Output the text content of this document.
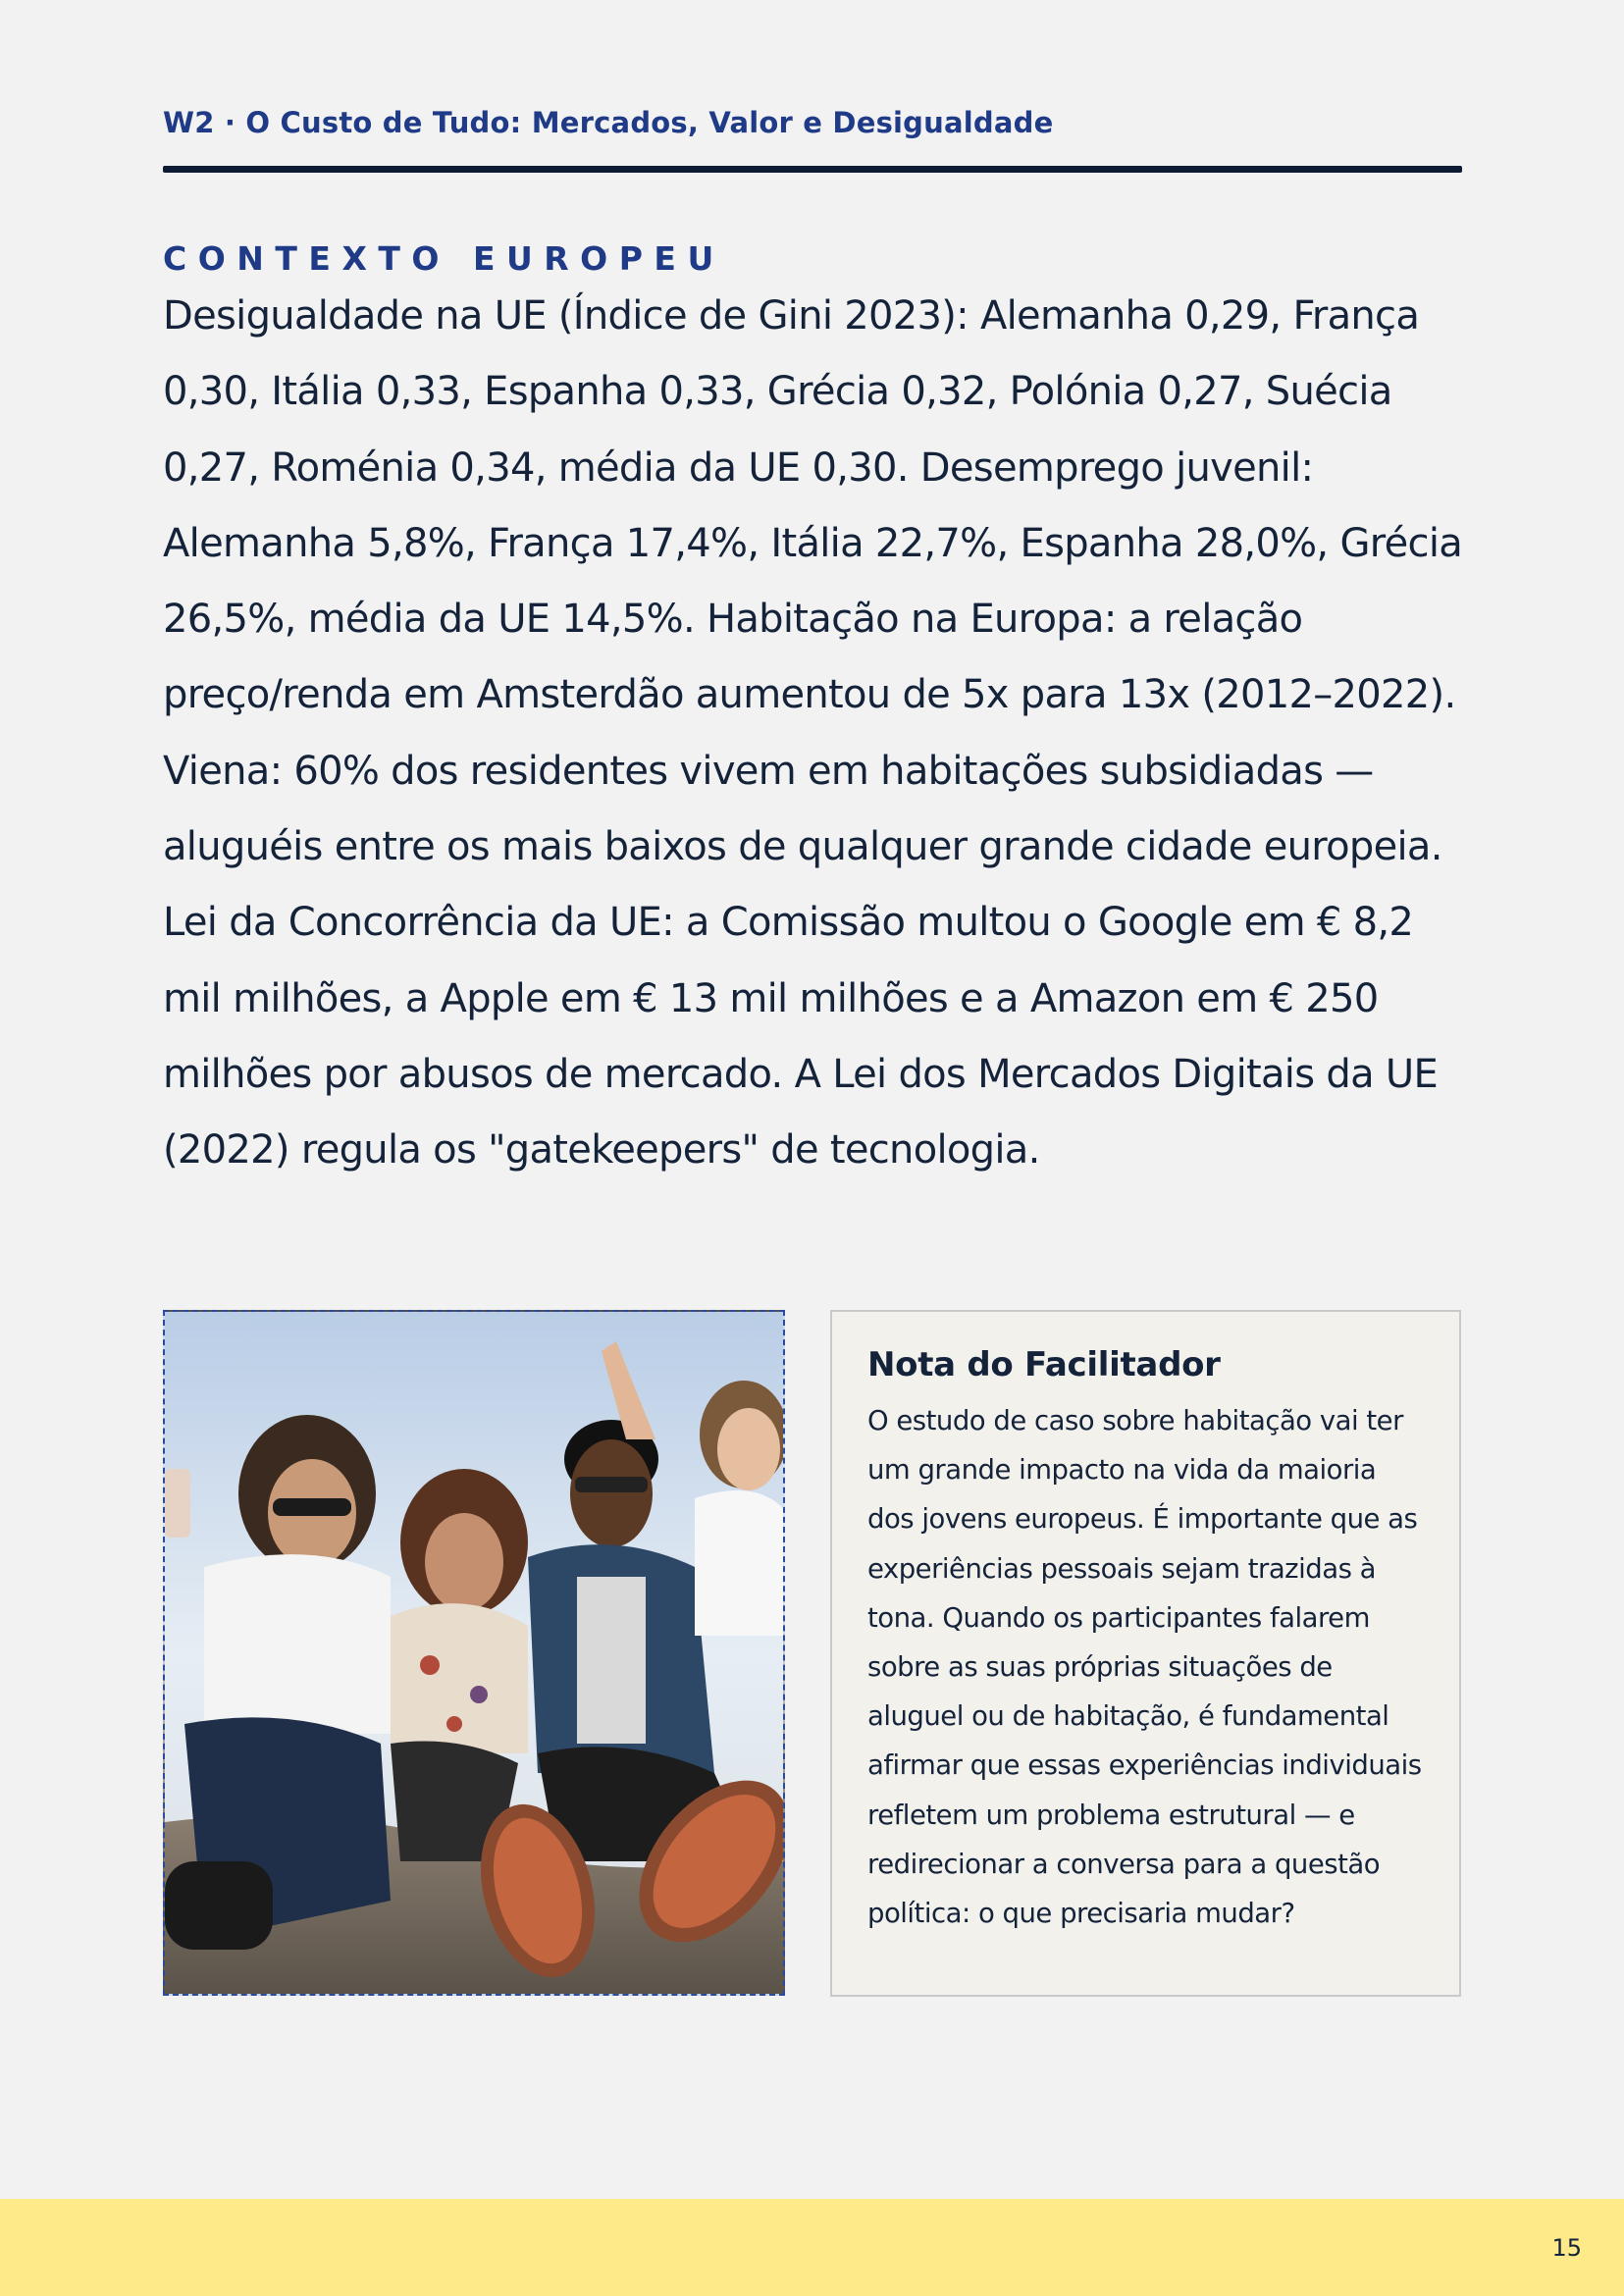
W2 · O Custo de Tudo: Mercados, Valor e Desigualdade
CONTEXTO EUROPEU

Desigualdade na UE (Índice de Gini 2023): Alemanha 0,29, França 0,30, Itália 0,33, Espanha 0,33, Grécia 0,32, Polónia 0,27, Suécia 0,27, Roménia 0,34, média da UE 0,30. Desemprego juvenil: Alemanha 5,8%, França 17,4%, Itália 22,7%, Espanha 28,0%, Grécia 26,5%, média da UE 14,5%. Habitação na Europa: a relação preço/renda em Amsterdão aumentou de 5x para 13x (2012–2022). Viena: 60% dos residentes vivem em habitações subsidiadas — aluguéis entre os mais baixos de qualquer grande cidade europeia. Lei da Concorrência da UE: a Comissão multou o Google em € 8,2 mil milhões, a Apple em € 13 mil milhões e a Amazon em € 250 milhões por abusos de mercado. A Lei dos Mercados Digitais da UE (2022) regula os "gatekeepers" de tecnologia.

Nota do Facilitador

O estudo de caso sobre habitação vai ter um grande impacto na vida da maioria dos jovens europeus. É importante que as experiências pessoais sejam trazidas à tona. Quando os participantes falarem sobre as suas próprias situações de aluguel ou de habitação, é fundamental afirmar que essas experiências individuais refletem um problema estrutural — e redirecionar a conversa para a questão política: o que precisaria mudar?

15
